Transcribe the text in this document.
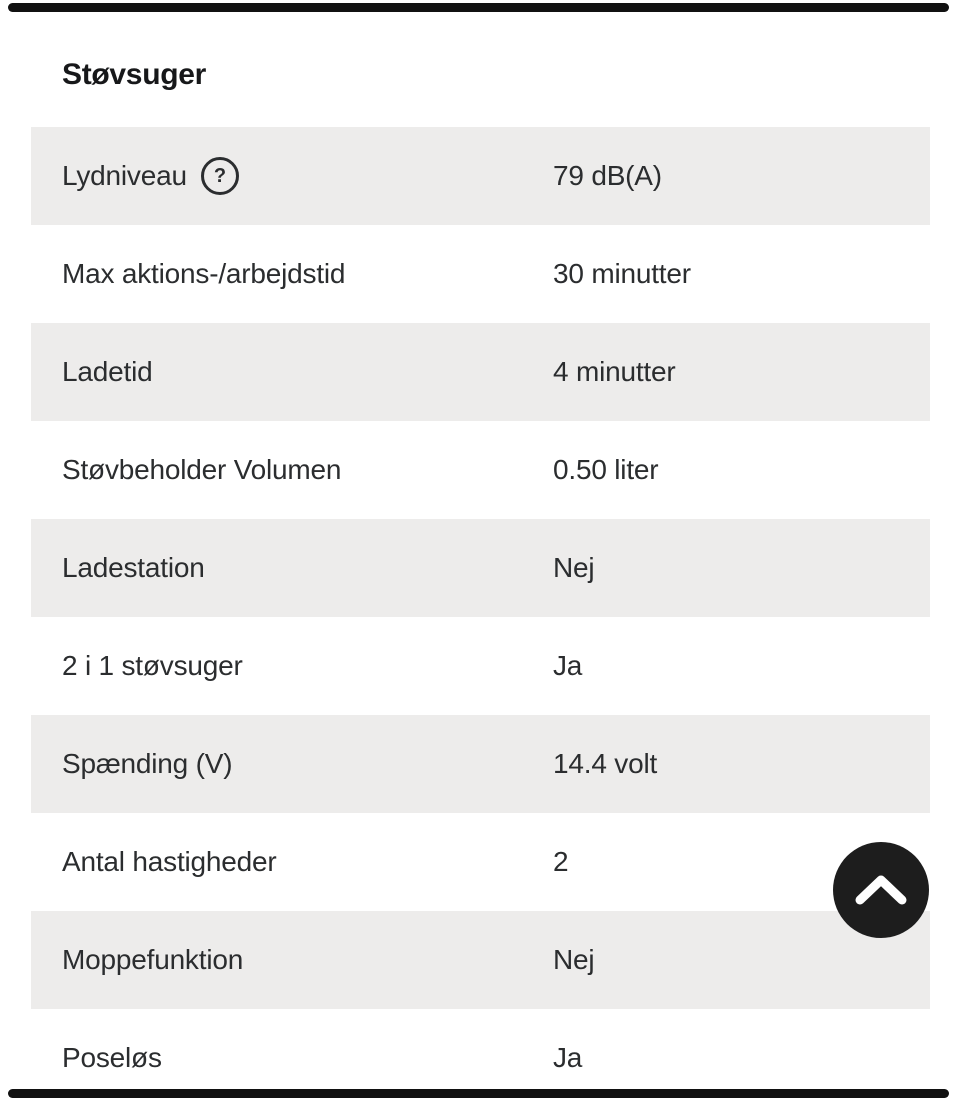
Støvsuger
Lydniveau	?	79 dB(A)
Max aktions-/arbejdstid	30 minutter
Ladetid	4 minutter
Støvbeholder Volumen	0.50 liter
Ladestation	Nej
2 i 1 støvsuger	Ja
Spænding (V)	14.4 volt
Antal hastigheder	2
Moppefunktion	Nej
Poseløs	Ja
